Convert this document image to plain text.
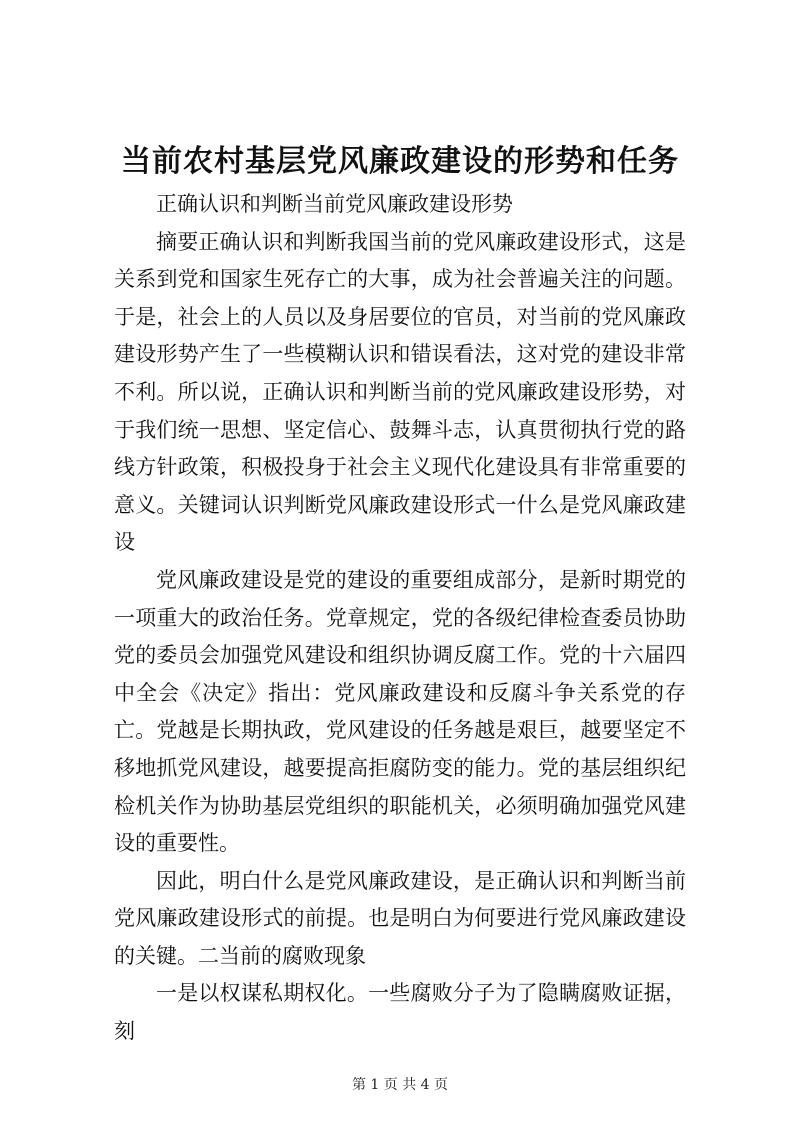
当前农村基层党风廉政建设的形势和任务

正确认识和判断当前党风廉政建设形势

摘要正确认识和判断我国当前的党风廉政建设形式，这是关系到党和国家生死存亡的大事，成为社会普遍关注的问题。于是，社会上的人员以及身居要位的官员，对当前的党风廉政建设形势产生了一些模糊认识和错误看法，这对党的建设非常不利。所以说，正确认识和判断当前的党风廉政建设形势，对于我们统一思想、坚定信心、鼓舞斗志，认真贯彻执行党的路线方针政策，积极投身于社会主义现代化建设具有非常重要的意义。关键词认识判断党风廉政建设形式一什么是党风廉政建设

党风廉政建设是党的建设的重要组成部分，是新时期党的一项重大的政治任务。党章规定，党的各级纪律检查委员协助党的委员会加强党风建设和组织协调反腐工作。党的十六届四中全会《决定》指出：党风廉政建设和反腐斗争关系党的存亡。党越是长期执政，党风建设的任务越是艰巨，越要坚定不移地抓党风建设，越要提高拒腐防变的能力。党的基层组织纪检机关作为协助基层党组织的职能机关，必须明确加强党风建设的重要性。

因此，明白什么是党风廉政建设，是正确认识和判断当前党风廉政建设形式的前提。也是明白为何要进行党风廉政建设的关键。二当前的腐败现象

一是以权谋私期权化。一些腐败分子为了隐瞒腐败证据，刻

第 1 页 共 4 页
